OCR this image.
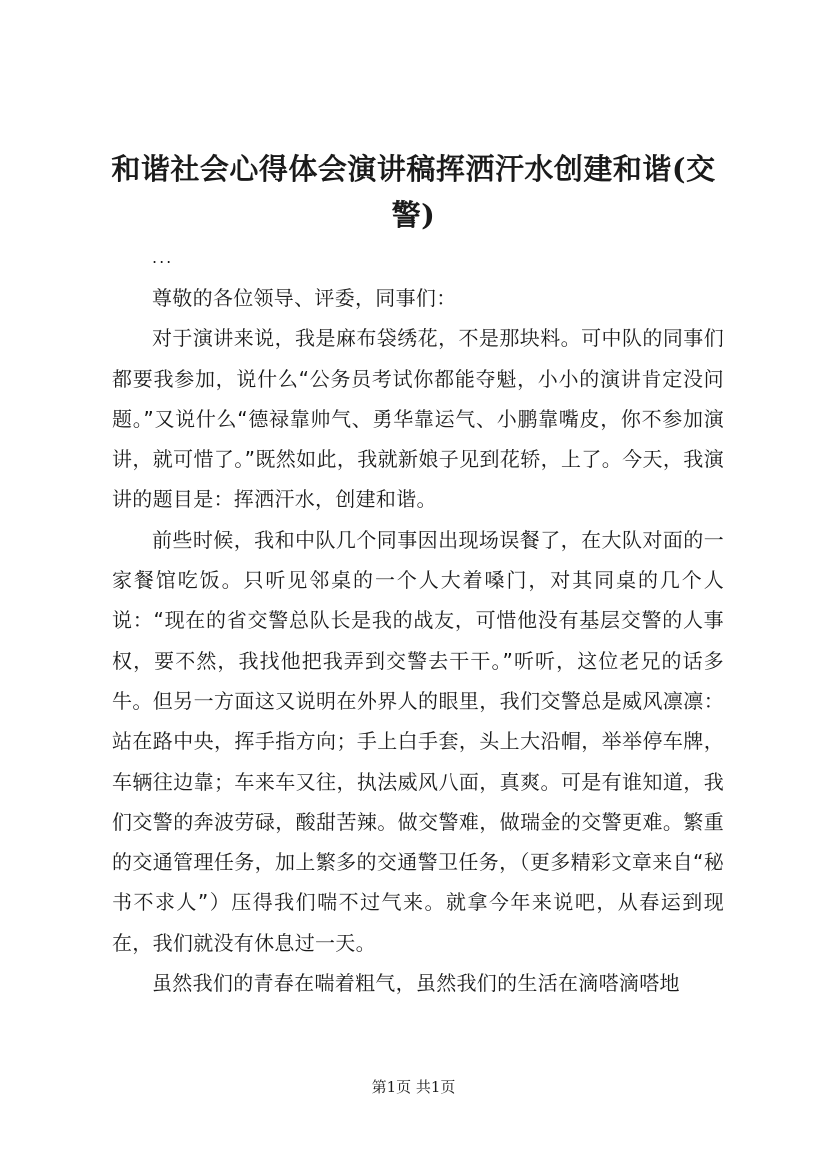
和谐社会心得体会演讲稿挥洒汗水创建和谐(交警)

...

尊敬的各位领导、评委，同事们：

对于演讲来说，我是麻布袋绣花，不是那块料。可中队的同事们都要我参加，说什么“公务员考试你都能夺魁，小小的演讲肯定没问题。”又说什么“德禄靠帅气、勇华靠运气、小鹏靠嘴皮，你不参加演讲，就可惜了。”既然如此，我就新娘子见到花轿，上了。今天，我演讲的题目是：挥洒汗水，创建和谐。

前些时候，我和中队几个同事因出现场误餐了，在大队对面的一家餐馆吃饭。只听见邻桌的一个人大着嗓门，对其同桌的几个人说：“现在的省交警总队长是我的战友，可惜他没有基层交警的人事权，要不然，我找他把我弄到交警去干干。”听听，这位老兄的话多牛。但另一方面这又说明在外界人的眼里，我们交警总是威风凛凛：站在路中央，挥手指方向；手上白手套，头上大沿帽，举举停车牌，车辆往边靠；车来车又往，执法威风八面，真爽。可是有谁知道，我们交警的奔波劳碌，酸甜苦辣。做交警难，做瑞金的交警更难。繁重的交通管理任务，加上繁多的交通警卫任务，（更多精彩文章来自“秘书不求人”）压得我们喘不过气来。就拿今年来说吧，从春运到现在，我们就没有休息过一天。

虽然我们的青春在喘着粗气，虽然我们的生活在滴嗒滴嗒地

第1页 共1页
